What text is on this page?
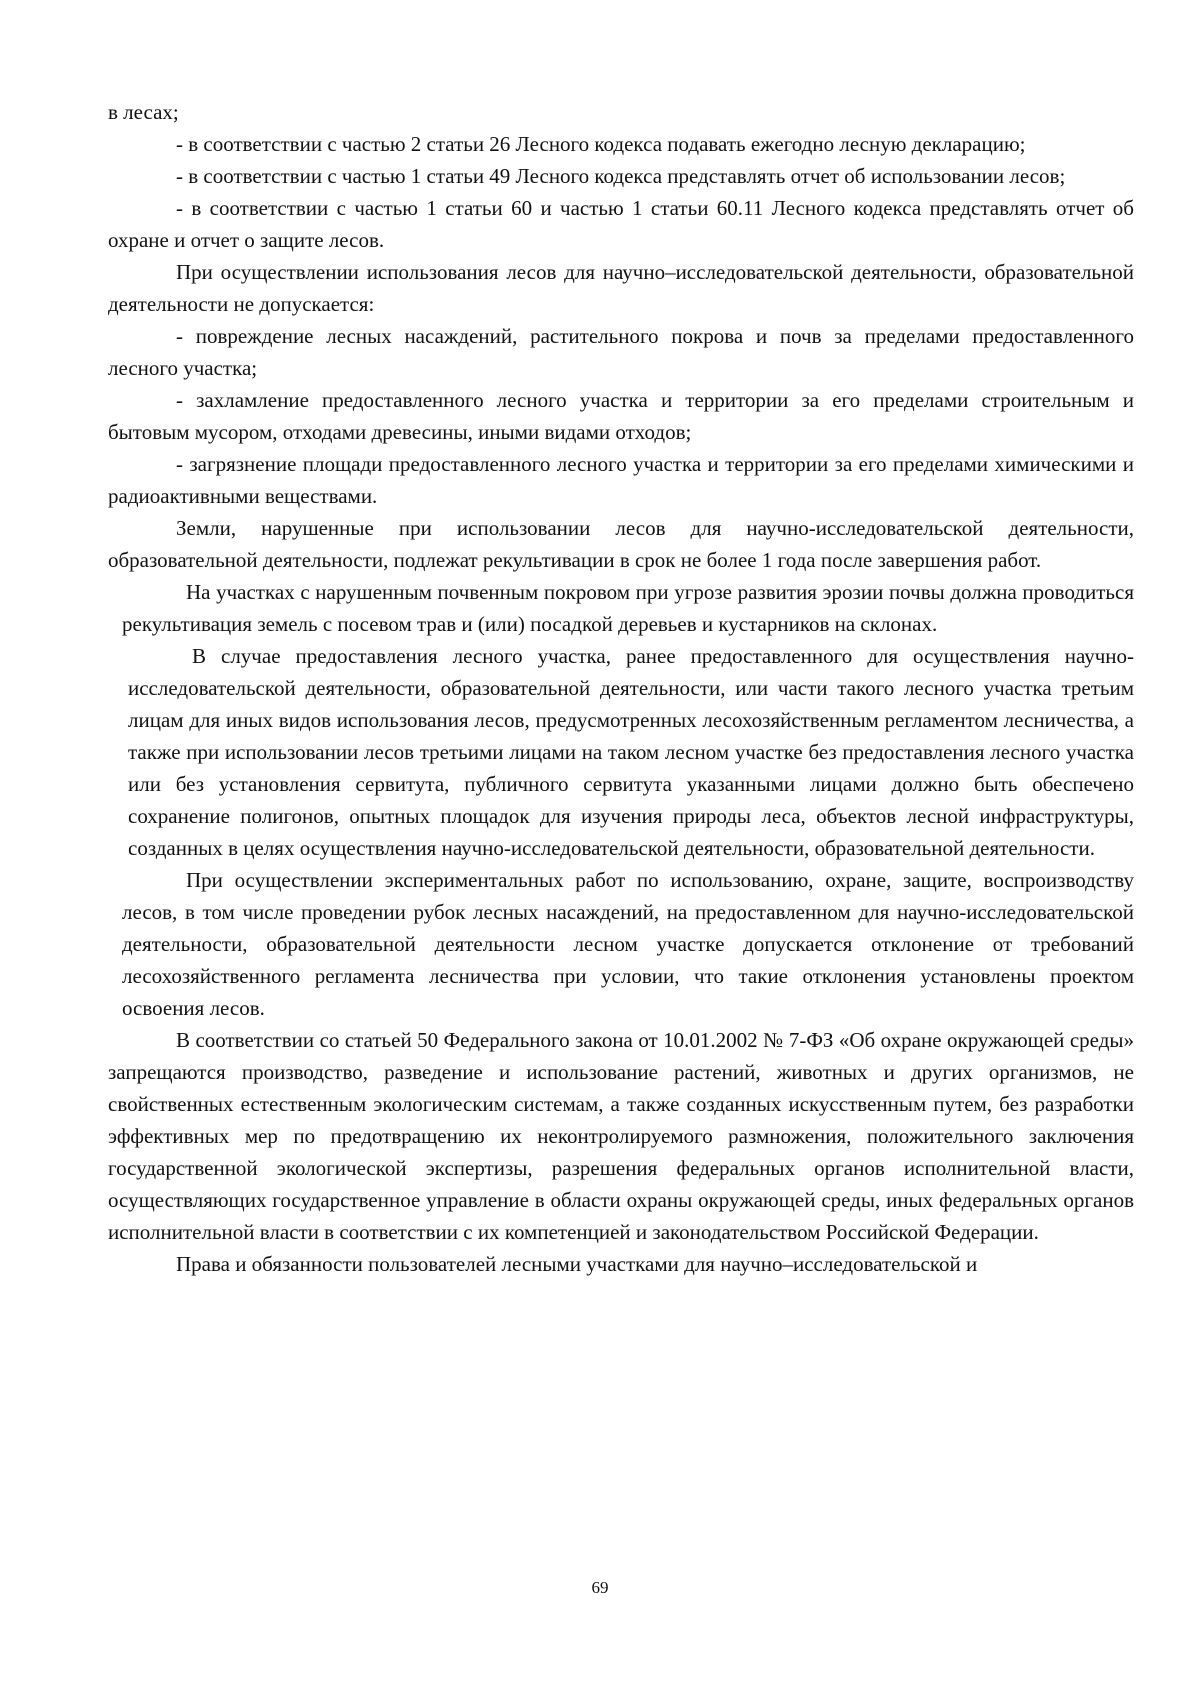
в лесах;

- в соответствии с частью 2 статьи 26 Лесного кодекса подавать ежегодно лесную декларацию;

- в соответствии с частью 1 статьи 49 Лесного кодекса представлять отчет об использовании лесов;

- в соответствии с частью 1 статьи 60 и частью 1 статьи 60.11 Лесного кодекса представлять отчет об охране и отчет о защите лесов.

При осуществлении использования лесов для научно–исследовательской деятельности, образовательной деятельности не допускается:

- повреждение лесных насаждений, растительного покрова и почв за пределами предоставленного лесного участка;

- захламление предоставленного лесного участка и территории за его пределами строительным и бытовым мусором, отходами древесины, иными видами отходов;

- загрязнение площади предоставленного лесного участка и территории за его пределами химическими и радиоактивными веществами.

Земли, нарушенные при использовании лесов для научно-исследовательской деятельности, образовательной деятельности, подлежат рекультивации в срок не более 1 года после завершения работ.

На участках с нарушенным почвенным покровом при угрозе развития эрозии почвы должна проводиться рекультивация земель с посевом трав и (или) посадкой деревьев и кустарников на склонах.

В случае предоставления лесного участка, ранее предоставленного для осуществления научно-исследовательской деятельности, образовательной деятельности, или части такого лесного участка третьим лицам для иных видов использования лесов, предусмотренных лесохозяйственным регламентом лесничества, а также при использовании лесов третьими лицами на таком лесном участке без предоставления лесного участка или без установления сервитута, публичного сервитута указанными лицами должно быть обеспечено сохранение полигонов, опытных площадок для изучения природы леса, объектов лесной инфраструктуры, созданных в целях осуществления научно-исследовательской деятельности, образовательной деятельности.

При осуществлении экспериментальных работ по использованию, охране, защите, воспроизводству лесов, в том числе проведении рубок лесных насаждений, на предоставленном для научно-исследовательской деятельности, образовательной деятельности лесном участке допускается отклонение от требований лесохозяйственного регламента лесничества при условии, что такие отклонения установлены проектом освоения лесов.

В соответствии со статьей 50 Федерального закона от 10.01.2002 № 7-ФЗ «Об охране окружающей среды» запрещаются производство, разведение и использование растений, животных и других организмов, не свойственных естественным экологическим системам, а также созданных искусственным путем, без разработки эффективных мер по предотвращению их неконтролируемого размножения, положительного заключения государственной экологической экспертизы, разрешения федеральных органов исполнительной власти, осуществляющих государственное управление в области охраны окружающей среды, иных федеральных органов исполнительной власти в соответствии с их компетенцией и законодательством Российской Федерации.

Права и обязанности пользователей лесными участками для научно–исследовательской и

69
